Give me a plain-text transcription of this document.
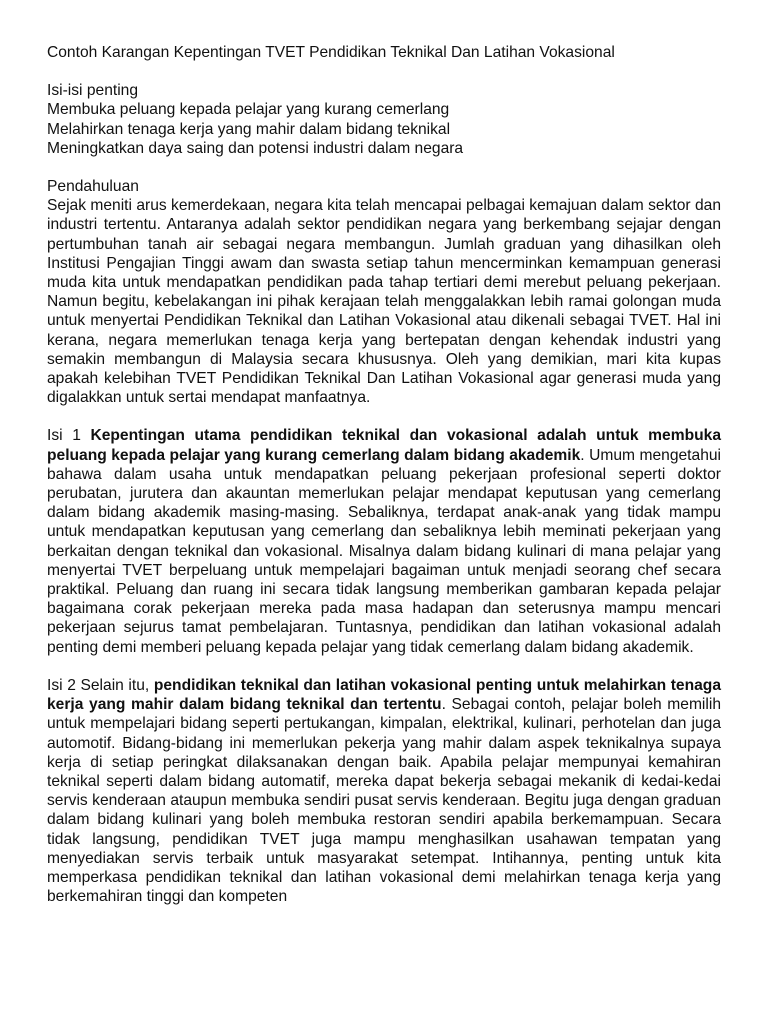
Contoh Karangan Kepentingan TVET Pendidikan Teknikal Dan Latihan Vokasional
Isi-isi penting
Membuka peluang kepada pelajar yang kurang cemerlang
Melahirkan tenaga kerja yang mahir dalam bidang teknikal
Meningkatkan daya saing dan potensi industri dalam negara
Pendahuluan

Sejak meniti arus kemerdekaan, negara kita telah mencapai pelbagai kemajuan dalam sektor dan industri tertentu. Antaranya adalah sektor pendidikan negara yang berkembang sejajar dengan pertumbuhan tanah air sebagai negara membangun. Jumlah graduan yang dihasilkan oleh Institusi Pengajian Tinggi awam dan swasta setiap tahun mencerminkan kemampuan generasi muda kita untuk mendapatkan pendidikan pada tahap tertiari demi merebut peluang pekerjaan. Namun begitu, kebelakangan ini pihak kerajaan telah menggalakkan lebih ramai golongan muda untuk menyertai Pendidikan Teknikal dan Latihan Vokasional atau dikenali sebagai TVET. Hal ini kerana, negara memerlukan tenaga kerja yang bertepatan dengan kehendak industri yang semakin membangun di Malaysia secara khususnya. Oleh yang demikian, mari kita kupas apakah kelebihan TVET Pendidikan Teknikal Dan Latihan Vokasional agar generasi muda yang digalakkan untuk sertai mendapat manfaatnya.

Isi 1 Kepentingan utama pendidikan teknikal dan vokasional adalah untuk membuka peluang kepada pelajar yang kurang cemerlang dalam bidang akademik. Umum mengetahui bahawa dalam usaha untuk mendapatkan peluang pekerjaan profesional seperti doktor perubatan, jurutera dan akauntan memerlukan pelajar mendapat keputusan yang cemerlang dalam bidang akademik masing-masing. Sebaliknya, terdapat anak-anak yang tidak mampu untuk mendapatkan keputusan yang cemerlang dan sebaliknya lebih meminati pekerjaan yang berkaitan dengan teknikal dan vokasional. Misalnya dalam bidang kulinari di mana pelajar yang menyertai TVET berpeluang untuk mempelajari bagaiman untuk menjadi seorang chef secara praktikal. Peluang dan ruang ini secara tidak langsung memberikan gambaran kepada pelajar bagaimana corak pekerjaan mereka pada masa hadapan dan seterusnya mampu mencari pekerjaan sejurus tamat pembelajaran. Tuntasnya, pendidikan dan latihan vokasional adalah penting demi memberi peluang kepada pelajar yang tidak cemerlang dalam bidang akademik.

Isi 2 Selain itu, pendidikan teknikal dan latihan vokasional penting untuk melahirkan tenaga kerja yang mahir dalam bidang teknikal dan tertentu. Sebagai contoh, pelajar boleh memilih untuk mempelajari bidang seperti pertukangan, kimpalan, elektrikal, kulinari, perhotelan dan juga automotif. Bidang-bidang ini memerlukan pekerja yang mahir dalam aspek teknikalnya supaya kerja di setiap peringkat dilaksanakan dengan baik. Apabila pelajar mempunyai kemahiran teknikal seperti dalam bidang automatif, mereka dapat bekerja sebagai mekanik di kedai-kedai servis kenderaan ataupun membuka sendiri pusat servis kenderaan. Begitu juga dengan graduan dalam bidang kulinari yang boleh membuka restoran sendiri apabila berkemampuan. Secara tidak langsung, pendidikan TVET juga mampu menghasilkan usahawan tempatan yang menyediakan servis terbaik untuk masyarakat setempat. Intihannya, penting untuk kita memperkasa pendidikan teknikal dan latihan vokasional demi melahirkan tenaga kerja yang berkemahiran tinggi dan kompeten
